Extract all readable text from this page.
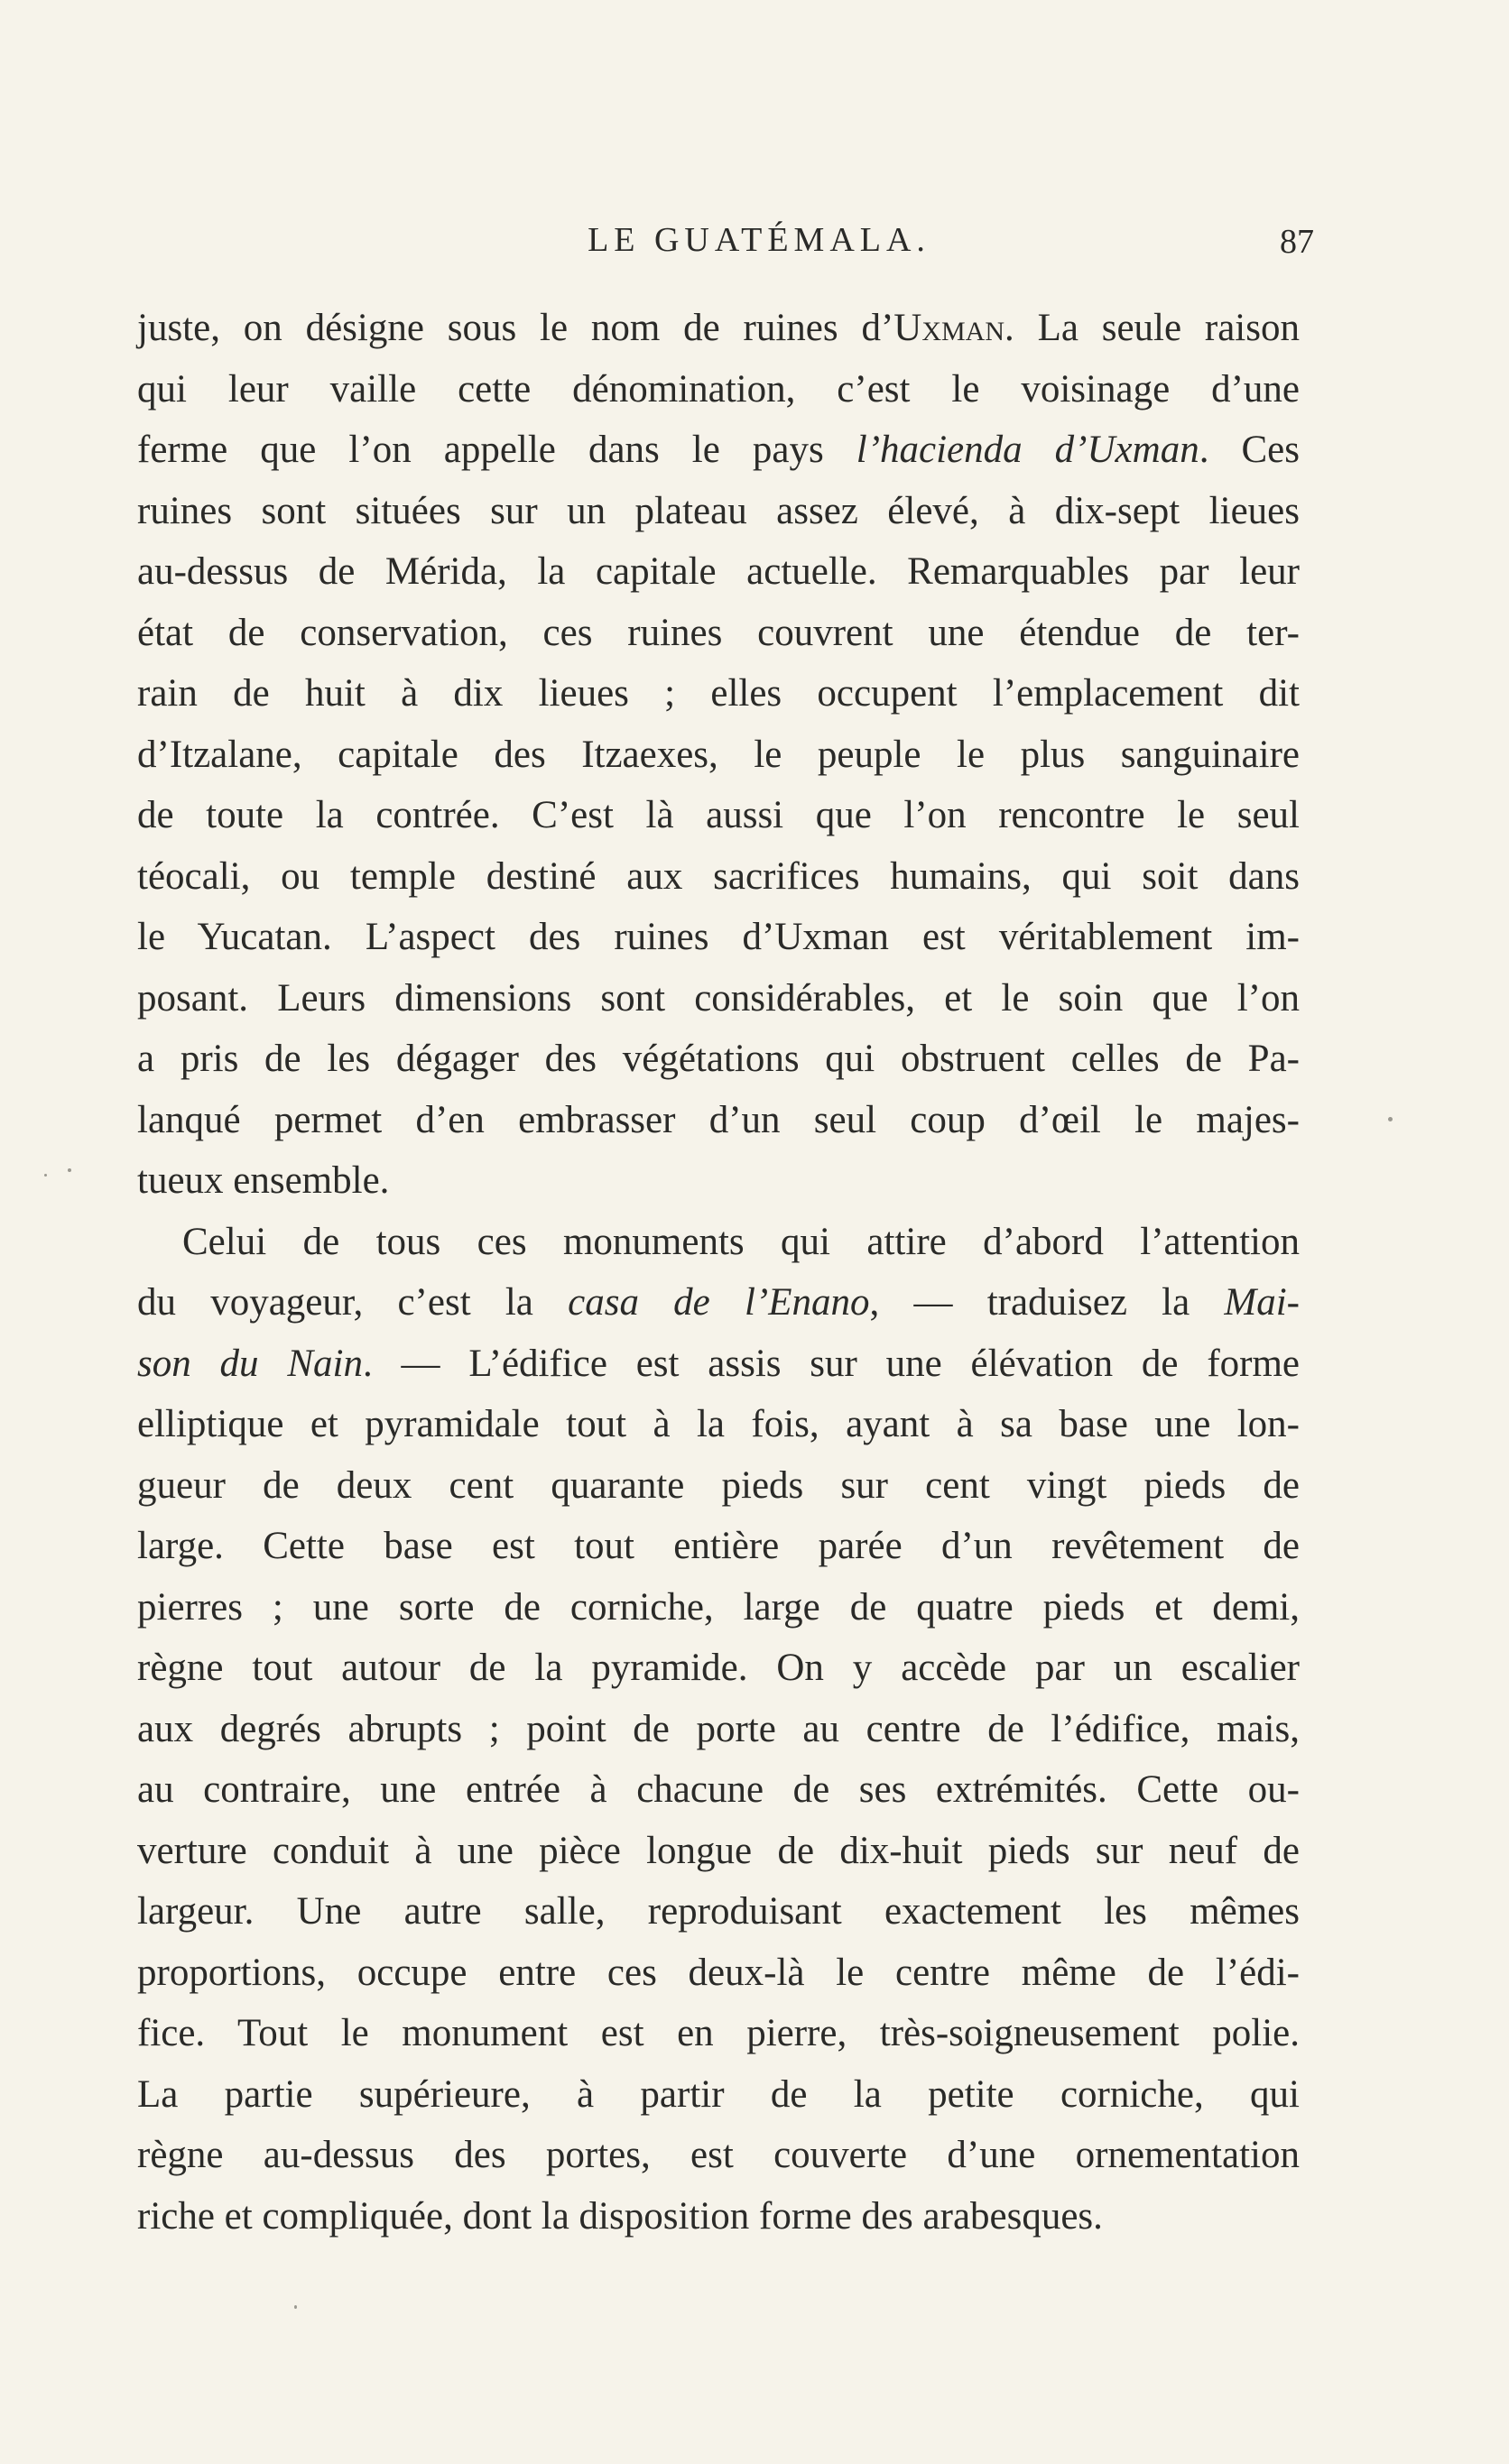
LE GUATÉMALA.	87
juste, on désigne sous le nom de ruines d’Uxman. La seule raison
qui leur vaille cette dénomination, c’est le voisinage d’une
ferme que l’on appelle dans le pays l’hacienda d’Uxman. Ces
ruines sont situées sur un plateau assez élevé, à dix-sept lieues
au-dessus de Mérida, la capitale actuelle. Remarquables par leur
état de conservation, ces ruines couvrent une étendue de ter-
rain de huit à dix lieues ; elles occupent l’emplacement dit
d’Itzalane, capitale des Itzaexes, le peuple le plus sanguinaire
de toute la contrée. C’est là aussi que l’on rencontre le seul
téocali, ou temple destiné aux sacrifices humains, qui soit dans
le Yucatan. L’aspect des ruines d’Uxman est véritablement im-
posant. Leurs dimensions sont considérables, et le soin que l’on
a pris de les dégager des végétations qui obstruent celles de Pa-
lanqué permet d’en embrasser d’un seul coup d’œil le majes-
tueux ensemble.
Celui de tous ces monuments qui attire d’abord l’attention
du voyageur, c’est la casa de l’Enano, — traduisez la Mai-
son du Nain. — L’édifice est assis sur une élévation de forme
elliptique et pyramidale tout à la fois, ayant à sa base une lon-
gueur de deux cent quarante pieds sur cent vingt pieds de
large. Cette base est tout entière parée d’un revêtement de
pierres ; une sorte de corniche, large de quatre pieds et demi,
règne tout autour de la pyramide. On y accède par un escalier
aux degrés abrupts ; point de porte au centre de l’édifice, mais,
au contraire, une entrée à chacune de ses extrémités. Cette ou-
verture conduit à une pièce longue de dix-huit pieds sur neuf de
largeur. Une autre salle, reproduisant exactement les mêmes
proportions, occupe entre ces deux-là le centre même de l’édi-
fice. Tout le monument est en pierre, très-soigneusement polie.
La partie supérieure, à partir de la petite corniche, qui
règne au-dessus des portes, est couverte d’une ornementation
riche et compliquée, dont la disposition forme des arabesques.
